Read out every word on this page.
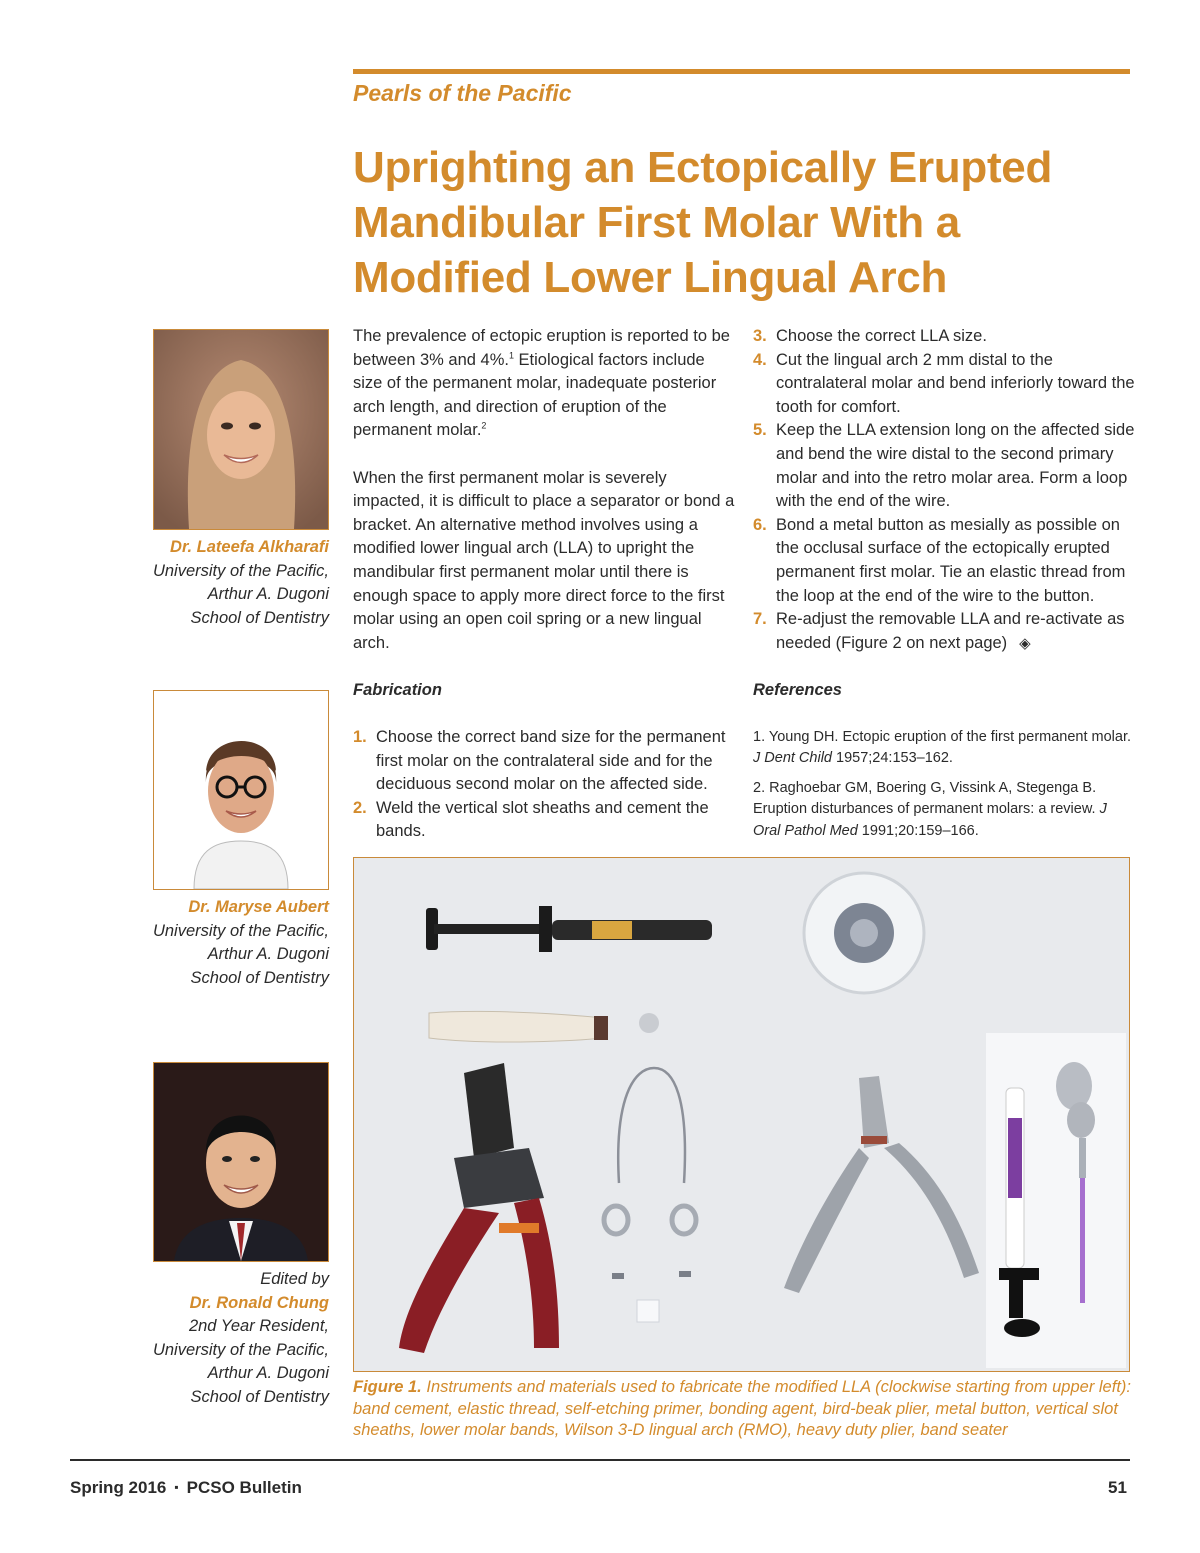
Pearls of the Pacific
Uprighting an Ectopically Erupted Mandibular First Molar With a Modified Lower Lingual Arch
Dr. Lateefa Alkharafi
University of the Pacific,
Arthur A. Dugoni
School of Dentistry
Dr. Maryse Aubert
University of the Pacific,
Arthur A. Dugoni
School of Dentistry
Edited by
Dr. Ronald Chung
2nd Year Resident,
University of the Pacific,
Arthur A. Dugoni
School of Dentistry

The prevalence of ectopic eruption is reported to be between 3% and 4%.$^1$ Etiological factors include size of the permanent molar, inadequate posterior arch length, and direction of eruption of the permanent molar.$^2$

When the first permanent molar is severely impacted, it is difficult to place a separator or bond a bracket. An alternative method involves using a modified lower lingual arch (LLA) to upright the mandibular first permanent molar until there is enough space to apply more direct force to the first molar using an open coil spring or a new lingual arch.

Fabrication

1. Choose the correct band size for the permanent first molar on the contralateral side and for the deciduous second molar on the affected side.
2. Weld the vertical slot sheaths and cement the bands.
3. Choose the correct LLA size.
4. Cut the lingual arch 2 mm distal to the contralateral molar and bend inferiorly toward the tooth for comfort.
5. Keep the LLA extension long on the affected side and bend the wire distal to the second primary molar and into the retro molar area. Form a loop with the end of the wire.
6. Bond a metal button as mesially as possible on the occlusal surface of the ectopically erupted permanent first molar. Tie an elastic thread from the loop at the end of the wire to the button.
7. Re-adjust the removable LLA and re-activate as needed (Figure 2 on next page) ◈

References

1. Young DH. Ectopic eruption of the first permanent molar. J Dent Child 1957;24:153–162.

2. Raghoebar GM, Boering G, Vissink A, Stegenga B. Eruption disturbances of permanent molars: a review. J Oral Pathol Med 1991;20:159–166.

Figure 1. Instruments and materials used to fabricate the modified LLA (clockwise starting from upper left): band cement, elastic thread, self-etching primer, bonding agent, bird-beak plier, metal button, vertical slot sheaths, lower molar bands, Wilson 3-D lingual arch (RMO), heavy duty plier, band seater
Spring 2016 ▪ PCSO Bulletin	51
